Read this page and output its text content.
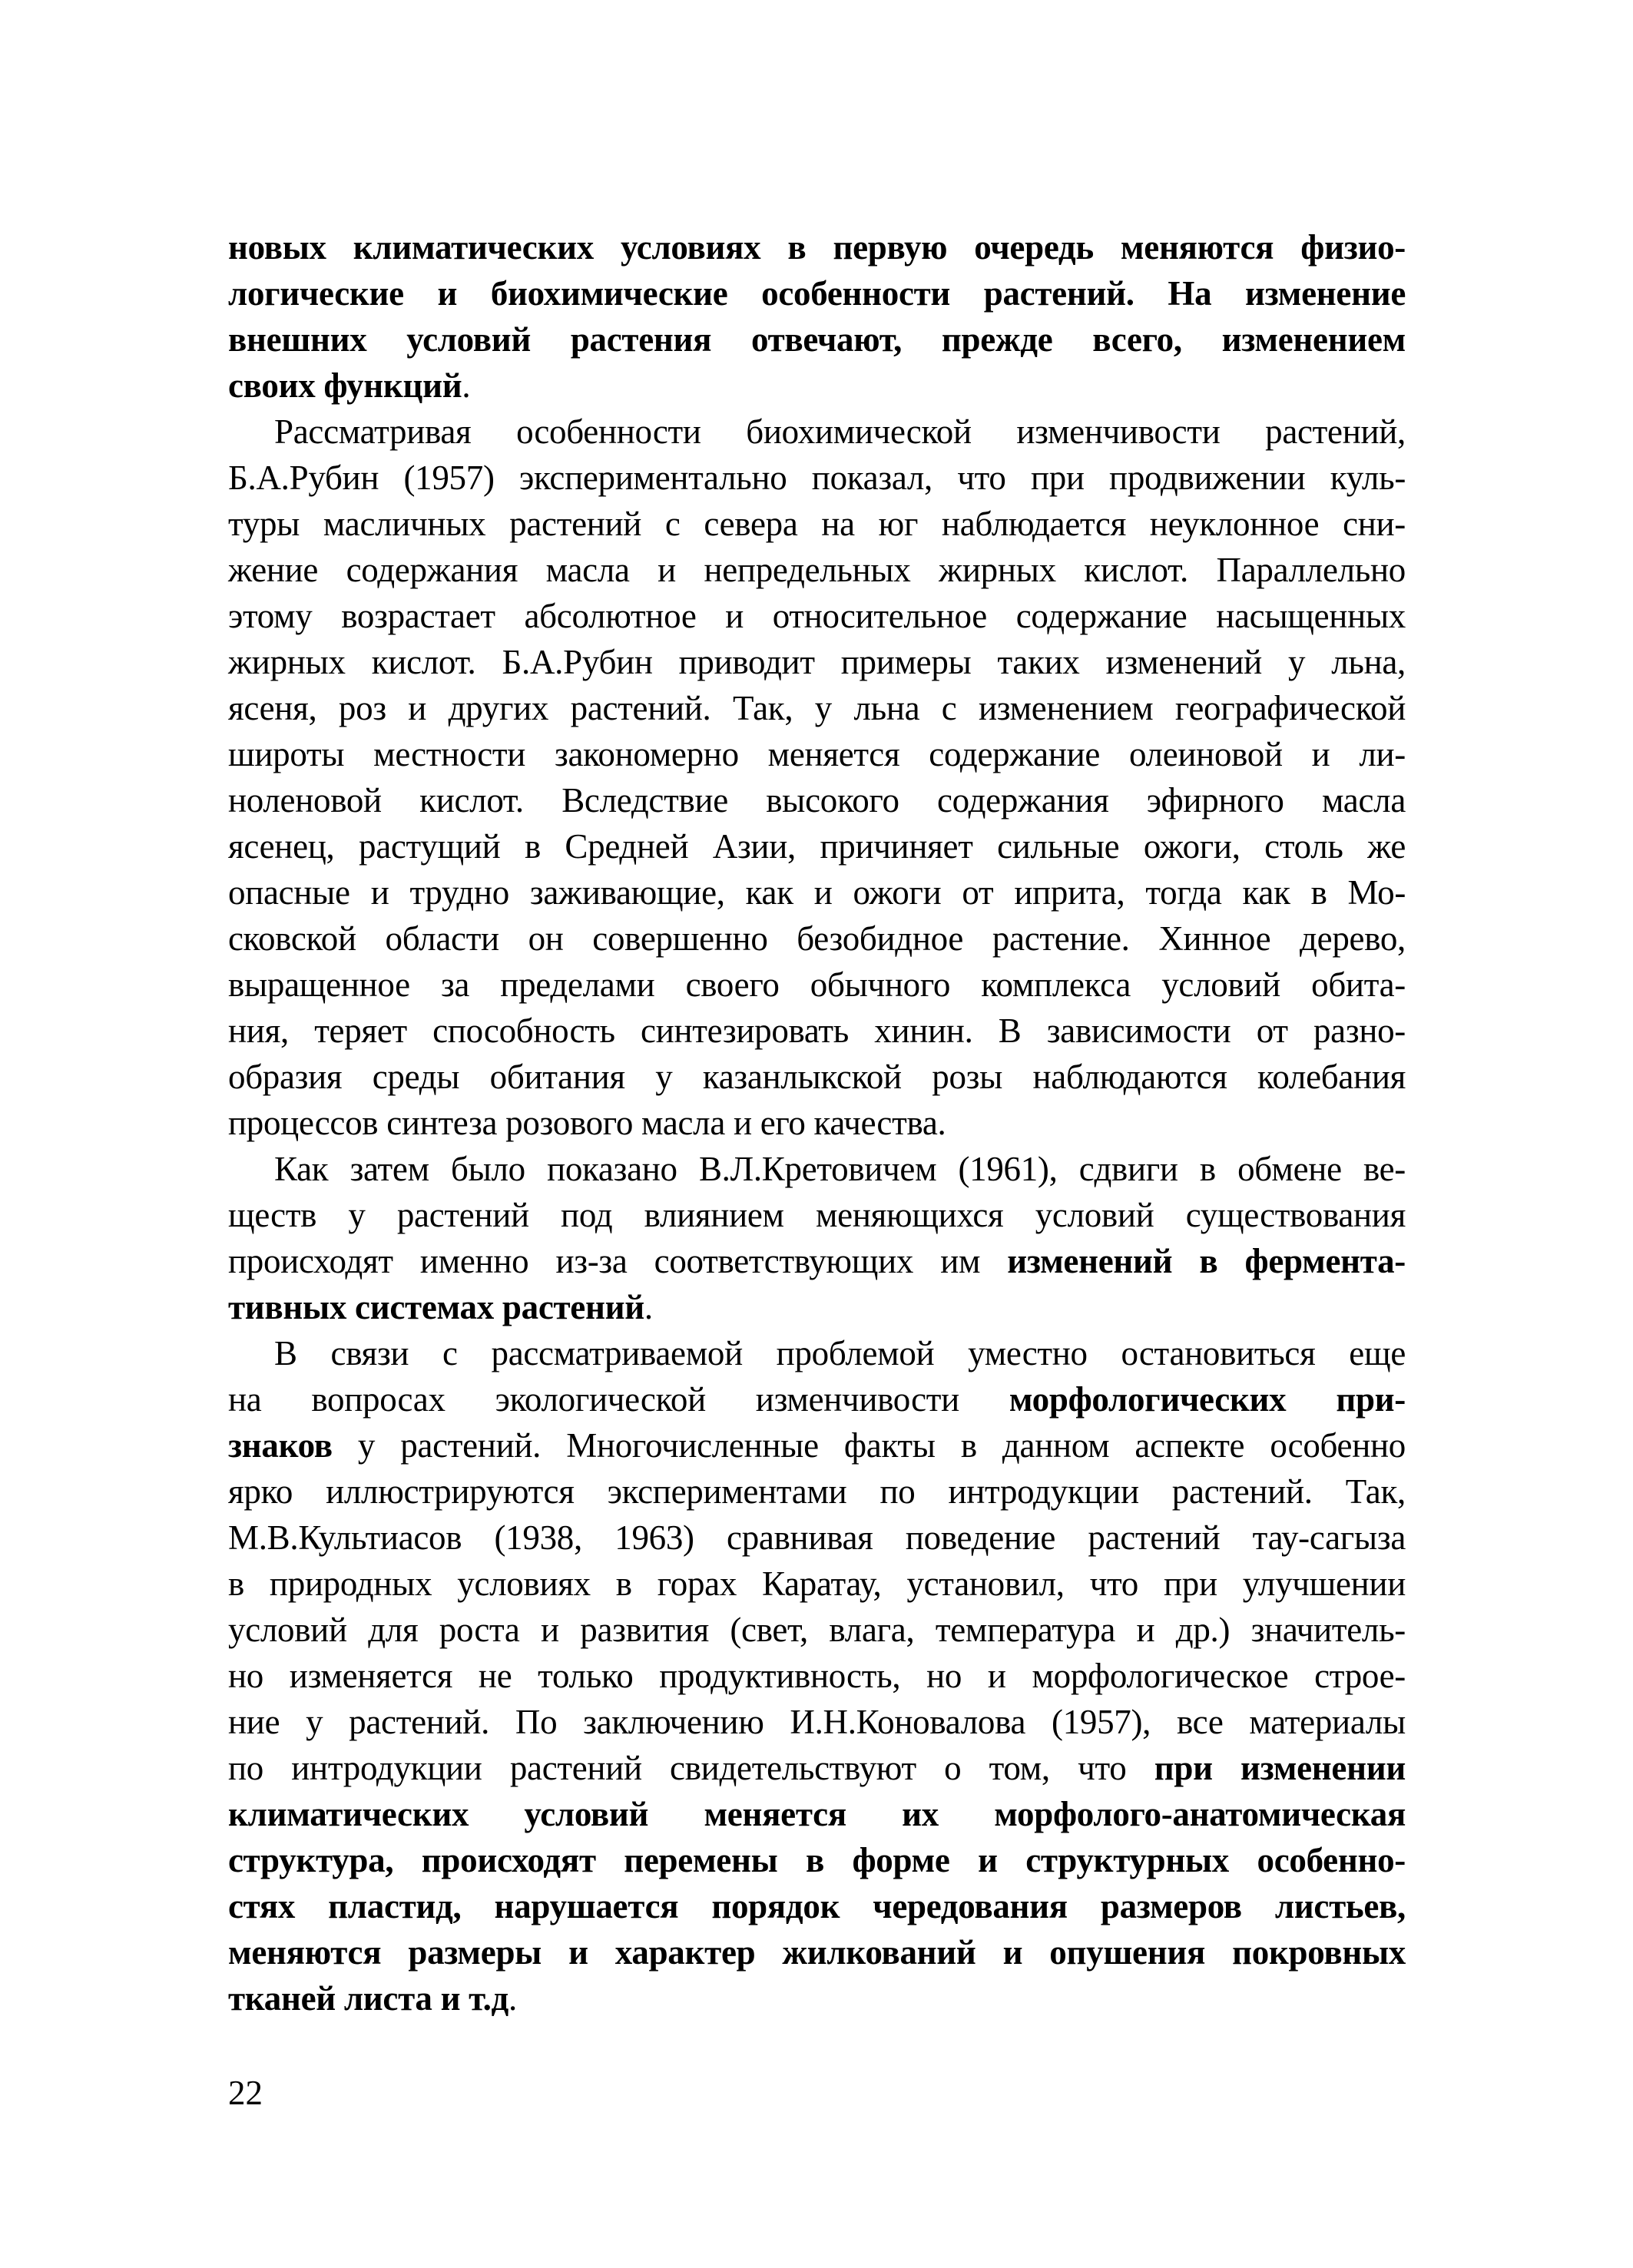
новых климатических условиях в первую очередь меняются физио-
логические и биохимические особенности растений. На изменение
внешних условий растения отвечают, прежде всего, изменением
своих функций.
Рассматривая особенности биохимической изменчивости растений,
Б.А.Рубин (1957) экспериментально показал, что при продвижении куль-
туры масличных растений с севера на юг наблюдается неуклонное сни-
жение содержания масла и непредельных жирных кислот. Параллельно
этому возрастает абсолютное и относительное содержание насыщенных
жирных кислот. Б.А.Рубин приводит примеры таких изменений у льна,
ясеня, роз и других растений. Так, у льна с изменением географической
широты местности закономерно меняется содержание олеиновой и ли-
ноленовой кислот. Вследствие высокого содержания эфирного масла
ясенец, растущий в Средней Азии, причиняет сильные ожоги, столь же
опасные и трудно заживающие, как и ожоги от иприта, тогда как в Мо-
сковской области он совершенно безобидное растение. Хинное дерево,
выращенное за пределами своего обычного комплекса условий обита-
ния, теряет способность синтезировать хинин. В зависимости от разно-
образия среды обитания у казанлыкской розы наблюдаются колебания
процессов синтеза розового масла и его качества.
Как затем было показано В.Л.Кретовичем (1961), сдвиги в обмене ве-
ществ у растений под влиянием меняющихся условий существования
происходят именно из-за соответствующих им изменений в фермента-
тивных системах растений.
В связи с рассматриваемой проблемой уместно остановиться еще
на вопросах экологической изменчивости морфологических при-
знаков у растений. Многочисленные факты в данном аспекте особенно
ярко иллюстрируются экспериментами по интродукции растений. Так,
М.В.Культиасов (1938, 1963) сравнивая поведение растений тау-сагыза
в природных условиях в горах Каратау, установил, что при улучшении
условий для роста и развития (свет, влага, температура и др.) значитель-
но изменяется не только продуктивность, но и морфологическое строе-
ние у растений. По заключению И.Н.Коновалова (1957), все материалы
по интродукции растений свидетельствуют о том, что при изменении
климатических условий меняется их морфолого-анатомическая
структура, происходят перемены в форме и структурных особенно-
стях пластид, нарушается порядок чередования размеров листьев,
меняются размеры и характер жилкований и опушения покровных
тканей листа и т.д.
22
